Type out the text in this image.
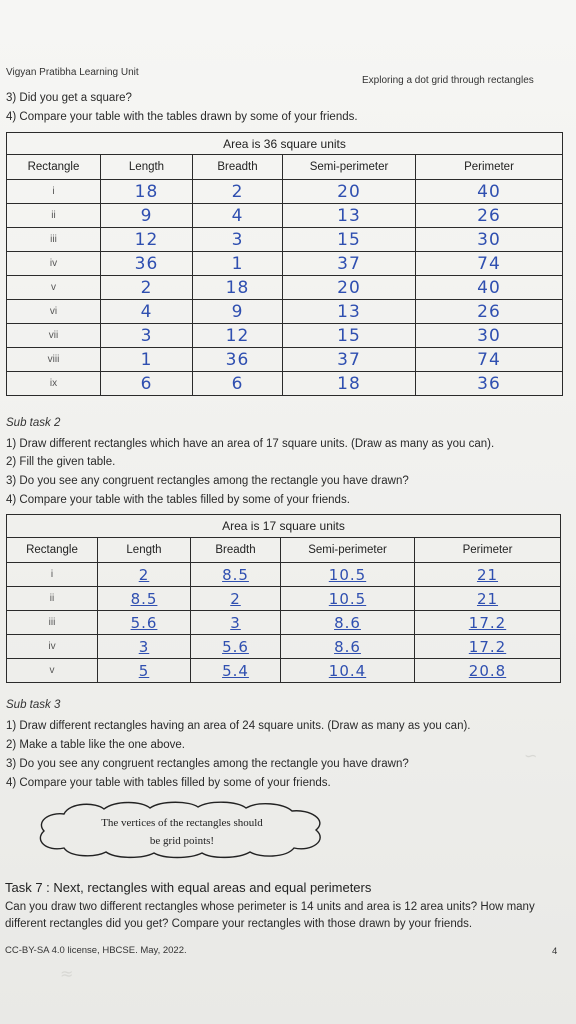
Vigyan Pratibha Learning Unit
Exploring a dot grid through rectangles
3) Did you get a square?
4) Compare your table with the tables drawn by some of your friends.
Area is 36 square units				
Rectangle	Length	Breadth	Semi-perimeter	Perimeter
i	18	2	20	40
ii	9	4	13	26
iii	12	3	15	30
iv	36	1	37	74
v	2	18	20	40
vi	4	9	13	26
vii	3	12	15	30
viii	1	36	37	74
ix	6	6	18	36
Sub task 2
1) Draw different rectangles which have an area of 17 square units. (Draw as many as you can).
2) Fill the given table.
3) Do you see any congruent rectangles among the rectangle you have drawn?
4) Compare your table with the tables filled by some of your friends.
Area is 17 square units				
Rectangle	Length	Breadth	Semi-perimeter	Perimeter
i	2	8.5	10.5	21
ii	8.5	2	10.5	21
iii	5.6	3	8.6	17.2
iv	3	5.6	8.6	17.2
v	5	5.4	10.4	20.8
Sub task 3
1) Draw different rectangles having an area of 24 square units. (Draw as many as you can).
2) Make a table like the one above.
3) Do you see any congruent rectangles among the rectangle you have drawn?
4) Compare your table with tables filled by some of your friends.
∽
≈
The vertices of the rectangles should
be grid points!
Task 7 : Next, rectangles with equal areas and equal perimeters
Can you draw two different rectangles whose perimeter is 14 units and area is 12 area units? How many different rectangles did you get? Compare your rectangles with those drawn by your friends.
CC-BY-SA 4.0 license, HBCSE. May, 2022.	4
